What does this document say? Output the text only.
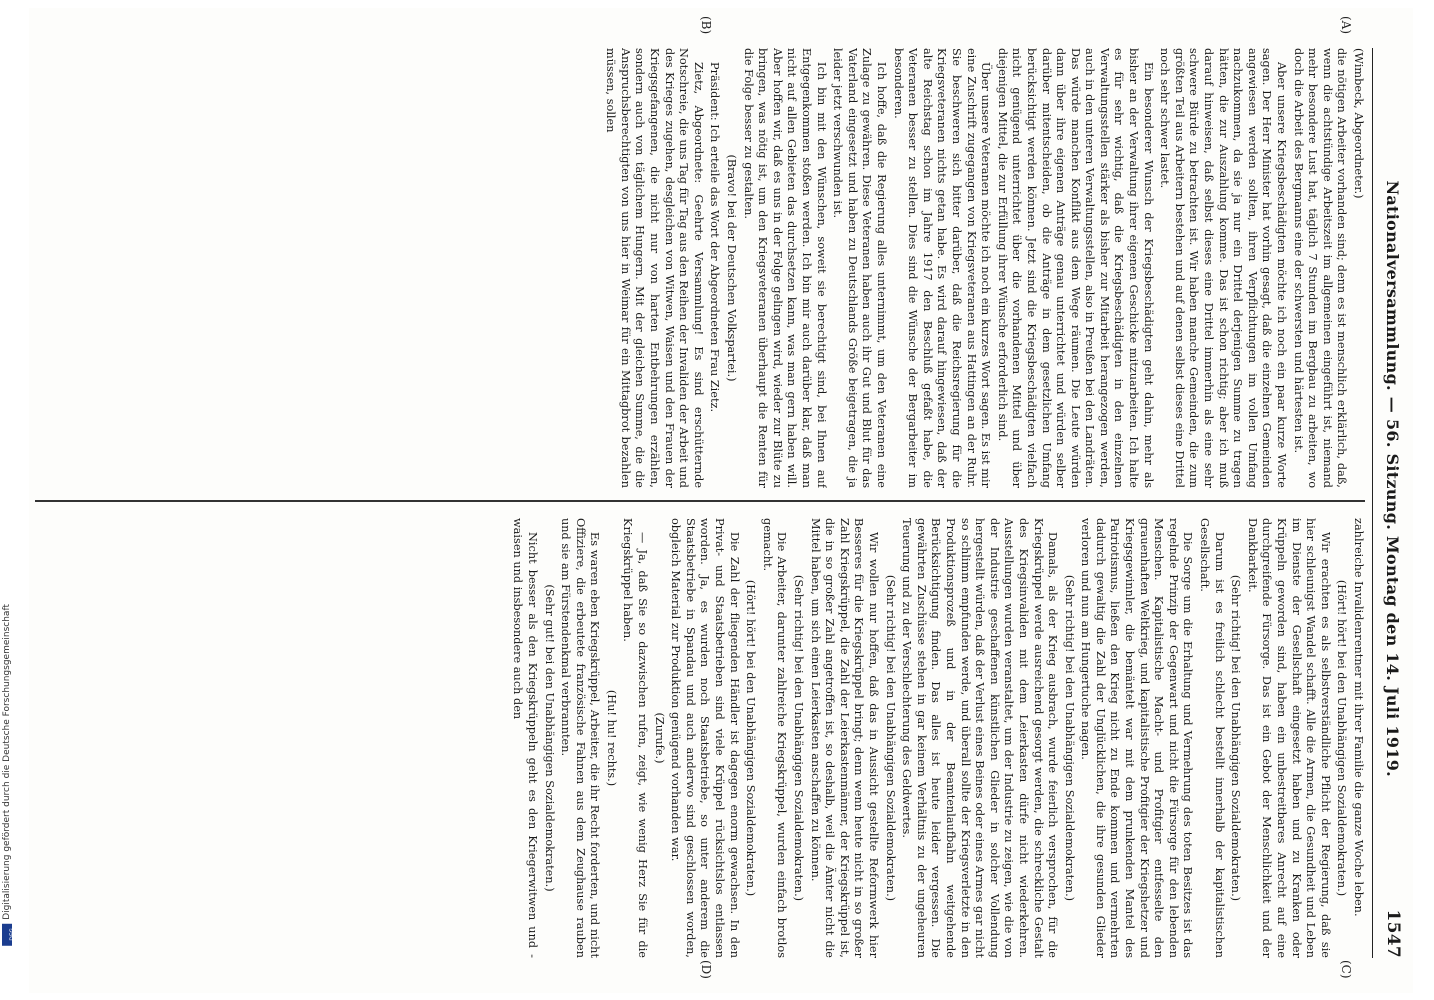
Nationalversammlung. — 56. Sitzung. Montag den 14. Juli 1919.
1547
(A)
(B)
(C)
(D)

(Wimbeck, Abgeordneter.)

die nötigen Arbeiter vorhanden sind; denn es ist menschlich erklärlich, daß, wenn die achtstündige Arbeitszeit im allgemeinen eingeführt ist, niemand mehr besondere Lust hat, täglich 7 Stunden im Bergbau zu arbeiten, wo doch die Arbeit des Bergmanns eine der schwersten und härtesten ist.

Aber unsere Kriegsbeschädigten möchte ich noch ein paar kurze Worte sagen. Der Herr Minister hat vorhin gesagt, daß die einzelnen Gemeinden angewiesen werden sollten, ihren Verpflichtungen im vollen Umfang nachzukommen, da sie ja nur ein Drittel derjenigen Summe zu tragen hätten, die zur Auszahlung komme. Das ist schon richtig; aber ich muß darauf hinweisen, daß selbst dieses eine Drittel immerhin als eine sehr schwere Bürde zu betrachten ist. Wir haben manche Gemeinden, die zum größten Teil aus Arbeitern bestehen und auf denen selbst dieses eine Drittel noch sehr schwer lastet.

Ein besonderer Wunsch der Kriegsbeschädigten geht dahin, mehr als bisher an der Verwaltung ihrer eigenen Geschicke mitzuarbeiten. Ich halte es für sehr wichtig, daß die Kriegsbeschädigten in den einzelnen Verwaltungsstellen stärker als bisher zur Mitarbeit herangezogen werden, auch in den unteren Verwaltungsstellen, also in Preußen bei den Landräten. Das würde manchen Konflikt aus dem Wege räumen. Die Leute würden dann über ihre eigenen Anträge genau unterrichtet und würden selber darüber mitentscheiden, ob die Anträge in dem gesetzlichen Umfang berücksichtigt werden können. Jetzt sind die Kriegsbeschädigten vielfach nicht genügend unterrichtet über die vorhandenen Mittel und über diejenigen Mittel, die zur Erfüllung ihrer Wünsche erforderlich sind.

Über unsere Veteranen möchte ich noch ein kurzes Wort sagen. Es ist mir eine Zuschrift zugegangen von Kriegsveteranen aus Hattingen an der Ruhr. Sie beschweren sich bitter darüber, daß die Reichsregierung für die Kriegsveteranen nichts getan habe. Es wird darauf hingewiesen, daß der alte Reichstag schon im Jahre 1917 den Beschluß gefaßt habe, die Veteranen besser zu stellen. Dies sind die Wünsche der Bergarbeiter im besonderen.

Ich hoffe, daß die Regierung alles unternimmt, um den Veteranen eine Zulage zu gewähren. Diese Veteranen haben auch ihr Gut und Blut für das Vaterland eingesetzt und haben zu Deutschlands Größe beigetragen, die ja leider jetzt verschwunden ist.

Ich bin mit den Wünschen, soweit sie berechtigt sind, bei Ihnen auf Entgegenkommen stoßen werden. Ich bin mir auch darüber klar, daß man nicht auf allen Gebieten das durchsetzen kann, was man gern haben will. Aber hoffen wir, daß es uns in der Folge gelingen wird, wieder zur Blüte zu bringen, was nötig ist, um den Kriegsveteranen überhaupt die Renten für die Folge besser zu gestalten.

(Bravo! bei der Deutschen Volkspartei.)

Präsident: Ich erteile das Wort der Abgeordneten Frau Zietz.

Zietz, Abgeordnete: Geehrte Versammlung! Es sind erschütternde Notschreie, die uns Tag für Tag aus den Reihen der Invaliden der Arbeit und des Krieges zugehen, desgleichen von Witwen, Waisen und den Frauen der Kriegsgefangenen, die nicht nur von harten Entbehrungen erzählen, sondern auch von täglichem Hungern. Mit der gleichen Summe, die die Anspruchsberechtigten von uns hier in Weimar für ein Mittagbrot bezahlen müssen, sollen

zahlreiche Invalidenrentner mit ihrer Familie die ganze Woche leben.

(Hört! hört! bei den Unabhängigen Sozialdemokraten.)

Wir erachten es als selbstverständliche Pflicht der Regierung, daß sie hier schleunigst Wandel schafft. Alle die Armen, die Gesundheit und Leben im Dienste der Gesellschaft eingesetzt haben und zu Kranken oder Krüppeln geworden sind, haben ein unbestreitbares Anrecht auf eine durchgreifende Fürsorge. Das ist ein Gebot der Menschlichkeit und der Dankbarkeit.

(Sehr richtig! bei den Unabhängigen Sozialdemokraten.)

Darum ist es freilich schlecht bestellt innerhalb der kapitalistischen Gesellschaft.

Die Sorge um die Erhaltung und Vermehrung des toten Besitzes ist das regelnde Prinzip der Gegenwart und nicht die Fürsorge für den lebenden Menschen. Kapitalistische Macht- und Profitgier entfesselte den grauenhaften Weltkrieg, und kapitalistische Profitgier der Kriegshetzer und Kriegsgewinnler, die bemäntelt war mit dem prunkenden Mantel des Patriotismus, ließen den Krieg nicht zu Ende kommen und vermehrten dadurch gewaltig die Zahl der Unglücklichen, die ihre gesunden Glieder verloren und nun am Hungertuche nagen.

(Sehr richtig! bei den Unabhängigen Sozialdemokraten.)

Damals, als der Krieg ausbrach, wurde feierlich versprochen, für die Kriegskrüppel werde ausreichend gesorgt werden, die schreckliche Gestalt des Kriegsinvaliden mit dem Leierkasten dürfe nicht wiederkehren. Ausstellungen wurden veranstaltet, um der Industrie zu zeigen, wie die von der Industrie geschaffenen künstlichen Glieder in solcher Vollendung hergestellt würden, daß der Verlust eines Beines oder eines Armes gar nicht so schlimm empfunden werde, und überall sollte der Kriegsverletzte in den Produktionsprozeß und in der Beamtenlaufbahn weitgehende Berücksichtigung finden. Das alles ist heute leider vergessen. Die gewährten Zuschüsse stehen in gar keinem Verhältnis zu der ungeheuren Teuerung und zu der Verschlechterung des Geldwertes.

(Sehr richtig! bei den Unabhängigen Sozialdemokraten.)

Wir wollen nur hoffen, daß das in Aussicht gestellte Reformwerk hier Besseres für die Kriegskrüppel bringt; denn wenn heute nicht in so großer Zahl Kriegskrüppel, die Zahl der Leierkastenmänner, der Kriegskrüppel ist, die in so großer Zahl angetroffen ist, so deshalb, weil die Ämter nicht die Mittel haben, um sich einen Leierkasten anschaffen zu können.

(Sehr richtig! bei den Unabhängigen Sozialdemokraten.)

Die Arbeiter, darunter zahlreiche Kriegskrüppel, wurden einfach brotlos gemacht.

(Hört! hört! bei den Unabhängigen Sozialdemokraten.)

Die Zahl der fliegenden Händler ist dagegen enorm gewachsen. In den Privat- und Staatsbetrieben sind viele Krüppel rücksichtslos entlassen worden. Ja, es wurden noch Staatsbetriebe, so unter anderem die Staatsbetriebe in Spandau und auch anderwo sind geschlossen worden, obgleich Material zur Produktion genügend vorhanden war.

(Zurufe.)

— Ja, daß Sie so dazwischen rufen, zeigt, wie wenig Herz Sie für die Kriegskrüppel haben.

(Hu! hu! rechts.)

Es waren eben Kriegskrüppel, Arbeiter, die ihr Recht forderten, und nicht Offiziere, die erbeutete französische Fahnen aus dem Zeughause rauben und sie am Fürstendenkmal verbrannten.

(Sehr gut! bei den Unabhängigen Sozialdemokraten.)

Nicht besser als den Kriegskrüppeln geht es den Kriegerwitwen und -waisen und insbesondere auch den

DFG
Digitalisierung gefördert durch die Deutsche Forschungsgemeinschaft
